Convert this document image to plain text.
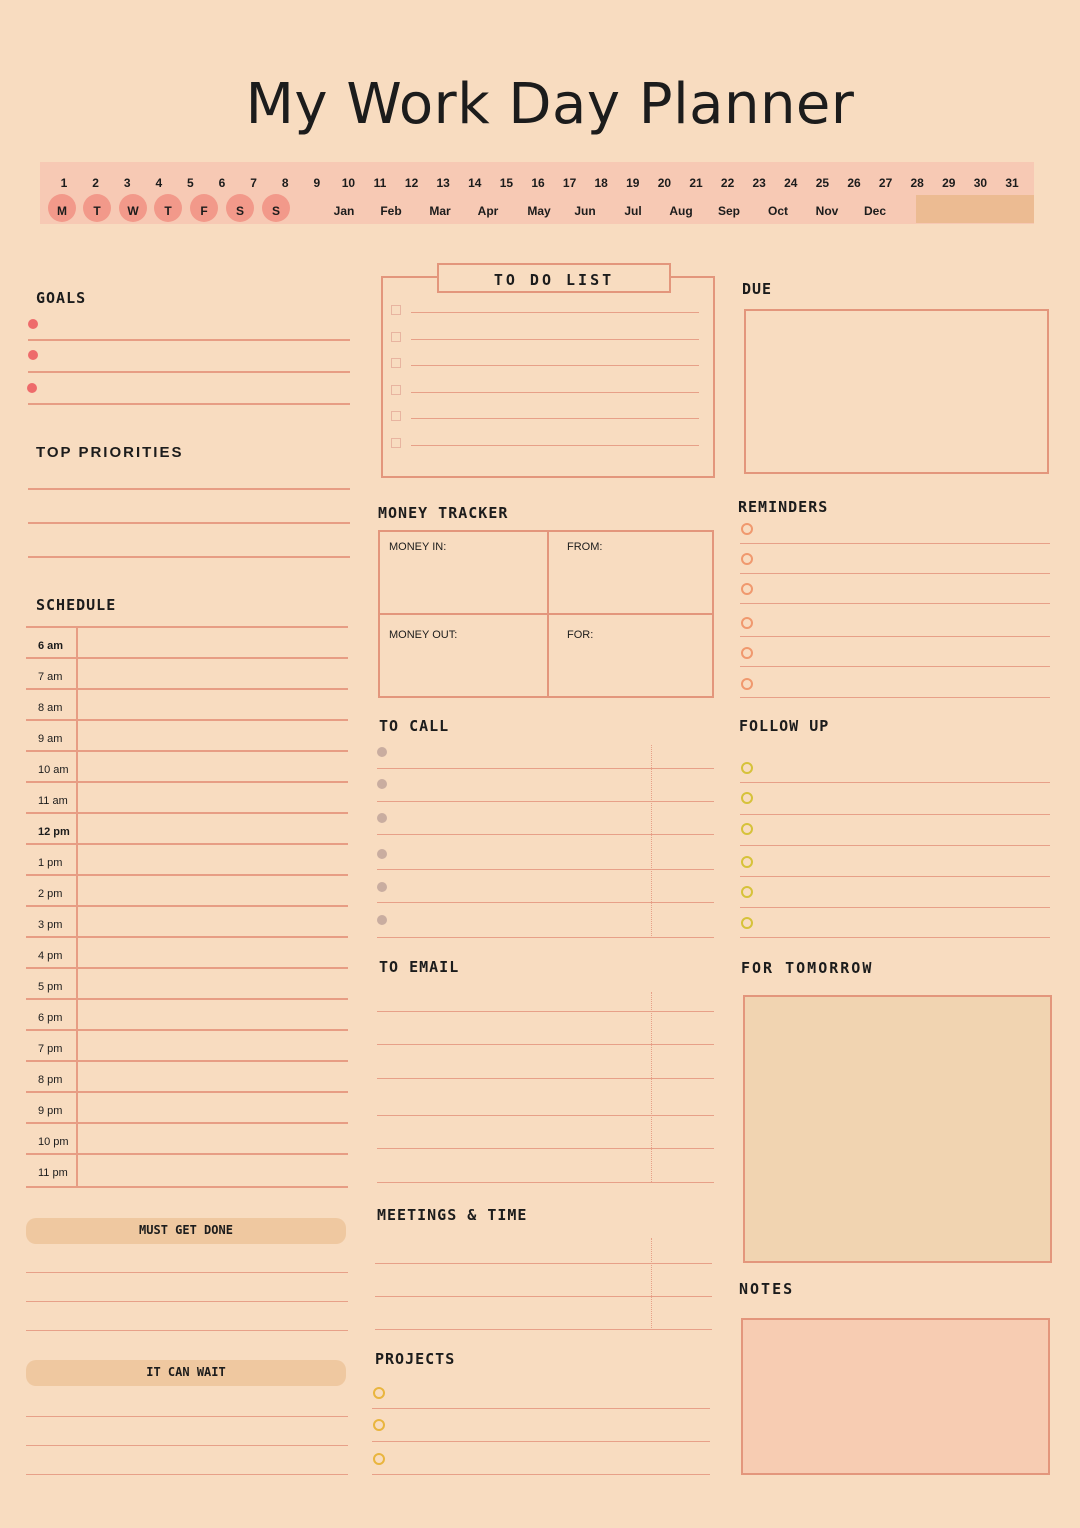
My Work Day Planner
1	2	3	4	5	6	7	8	9	10	11	12	13	14	15	16	17	18	19	20	21	22	23	24	25	26	27	28	29	30	31
M	T	W	T	F	S	S	Jan	Feb	Mar	Apr	May	Jun	Jul	Aug	Sep	Oct	Nov	Dec
GOALS
TOP PRIORITIES
SCHEDULE
6 am
7 am
8 am
9 am
10 am
11 am
12 pm
1 pm
2 pm
3 pm
4 pm
5 pm
6 pm
7 pm
8 pm
9 pm
10 pm
11 pm
MUST GET DONE
IT CAN WAIT
TO DO LIST
MONEY TRACKER
MONEY IN:	FROM:
MONEY OUT:	FOR:
TO CALL
TO EMAIL
MEETINGS & TIME
PROJECTS
DUE
REMINDERS
FOLLOW UP
FOR TOMORROW
NOTES
